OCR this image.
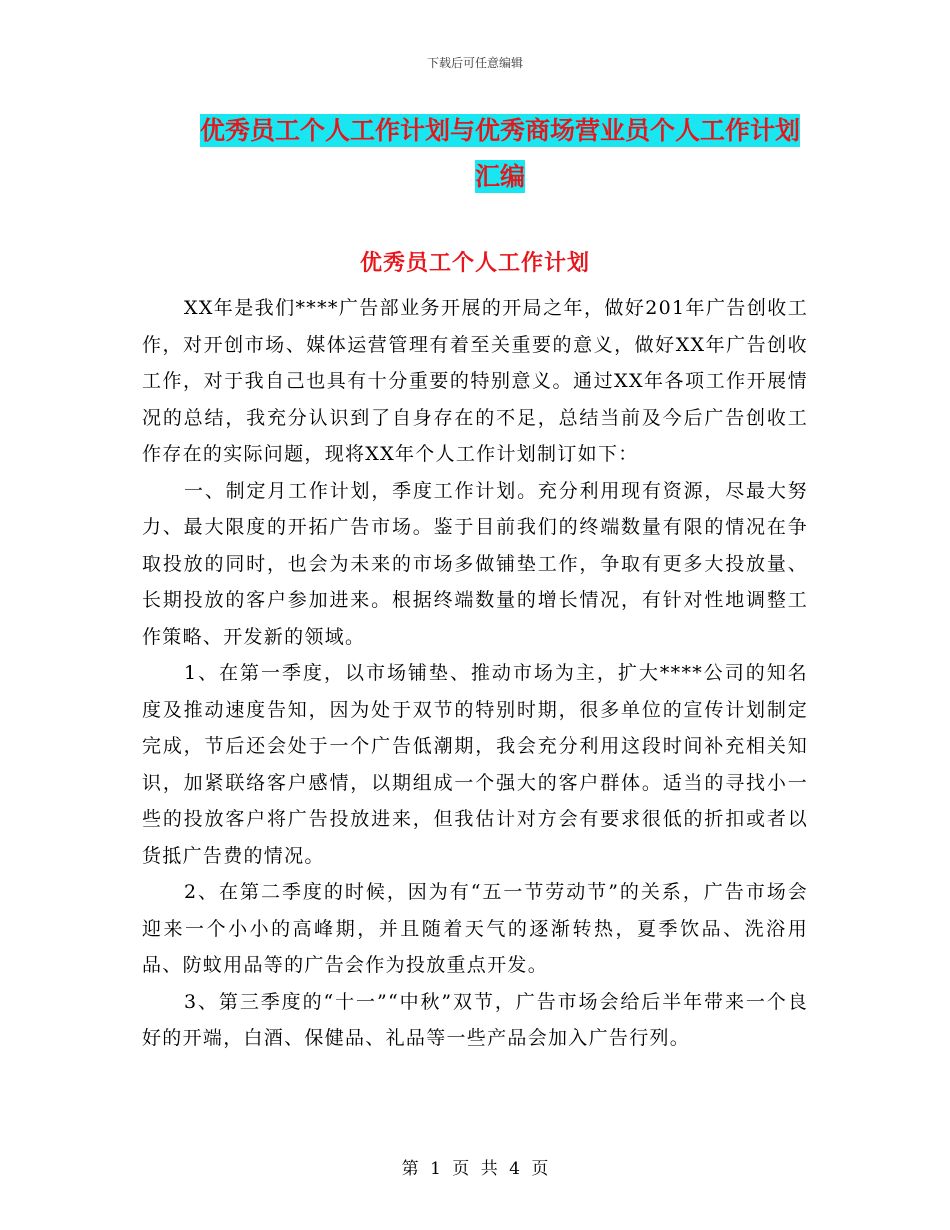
下载后可任意编辑
优秀员工个人工作计划与优秀商场营业员个人工作计划汇编
优秀员工个人工作计划

XX年是我们****广告部业务开展的开局之年，做好201年广告创收工作，对开创市场、媒体运营管理有着至关重要的意义，做好XX年广告创收工作，对于我自己也具有十分重要的特别意义。通过XX年各项工作开展情况的总结，我充分认识到了自身存在的不足，总结当前及今后广告创收工作存在的实际问题，现将XX年个人工作计划制订如下：

一、制定月工作计划，季度工作计划。充分利用现有资源，尽最大努力、最大限度的开拓广告市场。鉴于目前我们的终端数量有限的情况在争取投放的同时，也会为未来的市场多做铺垫工作，争取有更多大投放量、长期投放的客户参加进来。根据终端数量的增长情况，有针对性地调整工作策略、开发新的领域。

1、在第一季度，以市场铺垫、推动市场为主，扩大****公司的知名度及推动速度告知，因为处于双节的特别时期，很多单位的宣传计划制定完成，节后还会处于一个广告低潮期，我会充分利用这段时间补充相关知识，加紧联络客户感情，以期组成一个强大的客户群体。适当的寻找小一些的投放客户将广告投放进来，但我估计对方会有要求很低的折扣或者以货抵广告费的情况。

2、在第二季度的时候，因为有“五一节劳动节”的关系，广告市场会迎来一个小小的高峰期，并且随着天气的逐渐转热，夏季饮品、洗浴用品、防蚊用品等的广告会作为投放重点开发。

3、第三季度的“十一”“中秋”双节，广告市场会给后半年带来一个良好的开端，白酒、保健品、礼品等一些产品会加入广告行列。

第 1 页 共 4 页
